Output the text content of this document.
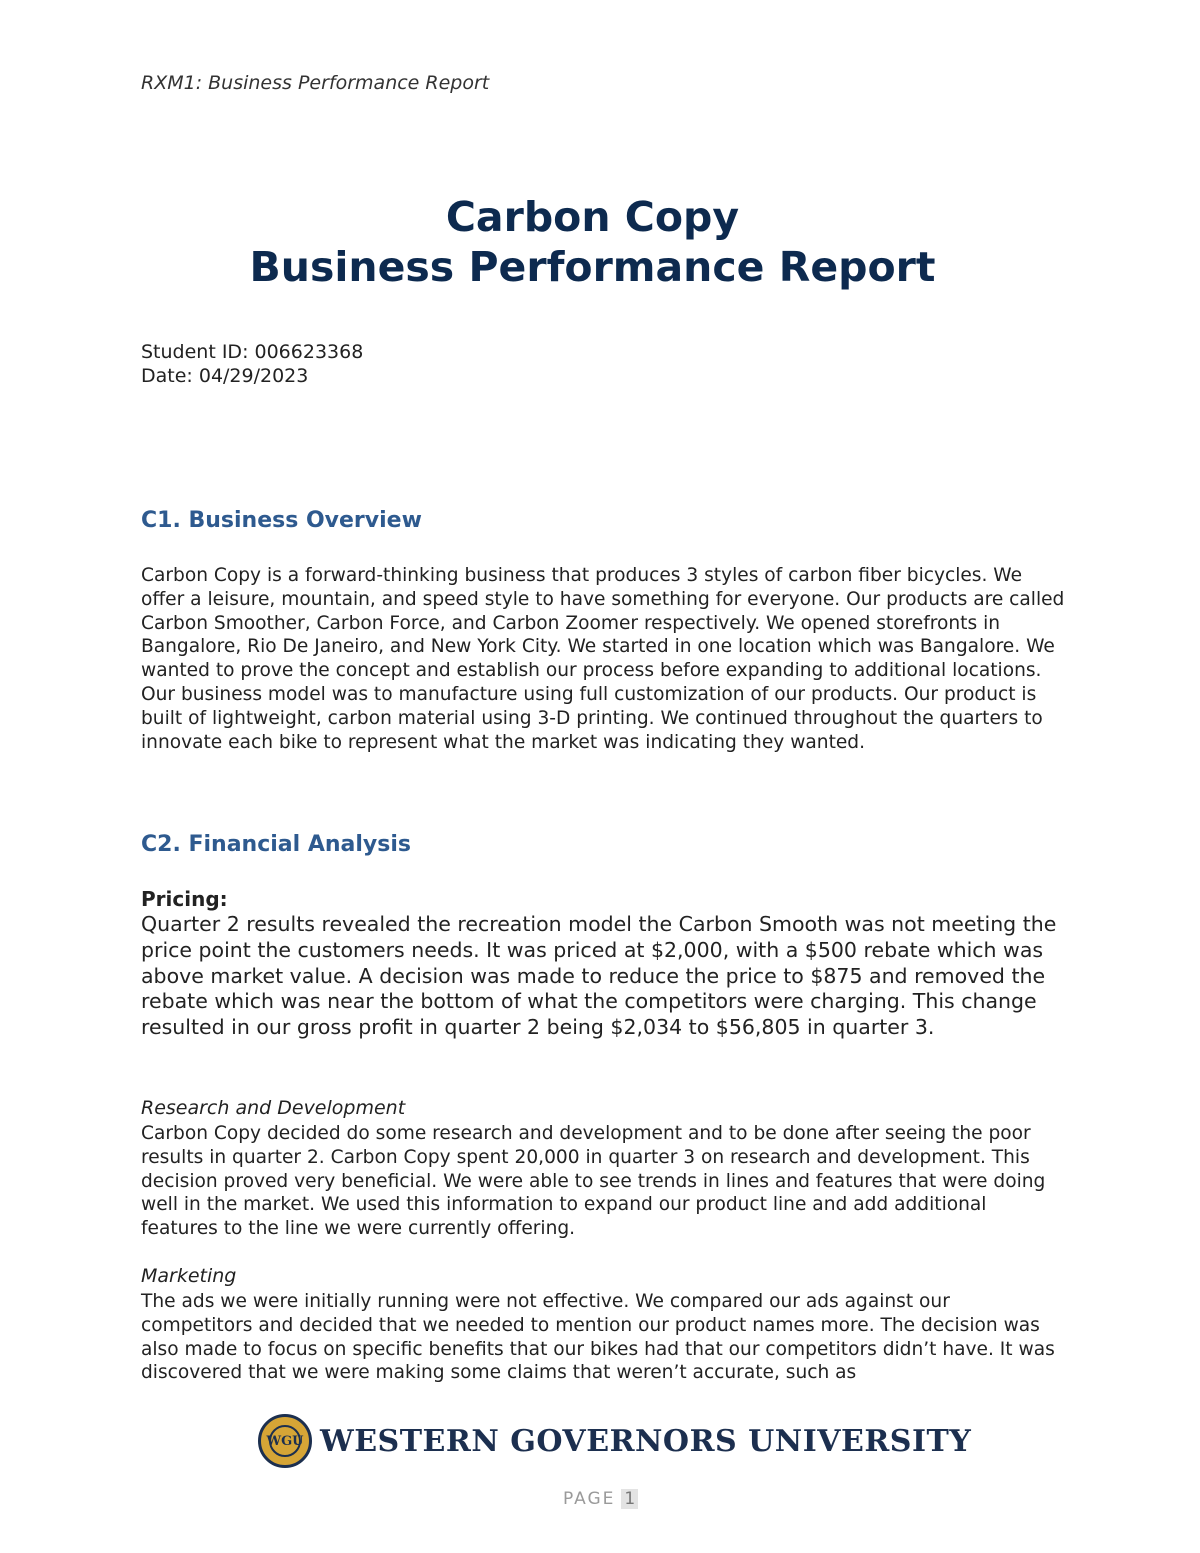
RXM1: Business Performance Report
Carbon Copy
Business Performance Report
Student ID: 006623368
Date: 04/29/2023
C1. Business Overview
Carbon Copy is a forward-thinking business that produces 3 styles of carbon fiber bicycles. We offer a leisure, mountain, and speed style to have something for everyone. Our products are called Carbon Smoother, Carbon Force, and Carbon Zoomer respectively. We opened storefronts in Bangalore, Rio De Janeiro, and New York City. We started in one location which was Bangalore. We wanted to prove the concept and establish our process before expanding to additional locations. Our business model was to manufacture using full customization of our products. Our product is built of lightweight, carbon material using 3-D printing. We continued throughout the quarters to innovate each bike to represent what the market was indicating they wanted.
C2. Financial Analysis
Pricing:
Quarter 2 results revealed the recreation model the Carbon Smooth was not meeting the price point the customers needs. It was priced at $2,000, with a $500 rebate which was above market value. A decision was made to reduce the price to $875 and removed the rebate which was near the bottom of what the competitors were charging. This change resulted in our gross profit in quarter 2 being $2,034 to $56,805 in quarter 3.
Research and Development
Carbon Copy decided do some research and development and to be done after seeing the poor results in quarter 2. Carbon Copy spent 20,000 in quarter 3 on research and development. This decision proved very beneficial. We were able to see trends in lines and features that were doing well in the market. We used this information to expand our product line and add additional features to the line we were currently offering.
Marketing
The ads we were initially running were not effective. We compared our ads against our competitors and decided that we needed to mention our product names more. The decision was also made to focus on specific benefits that our bikes had that our competitors didn’t have. It was discovered that we were making some claims that weren’t accurate, such as
WGU WESTERN GOVERNORS UNIVERSITY
PAGE 1
